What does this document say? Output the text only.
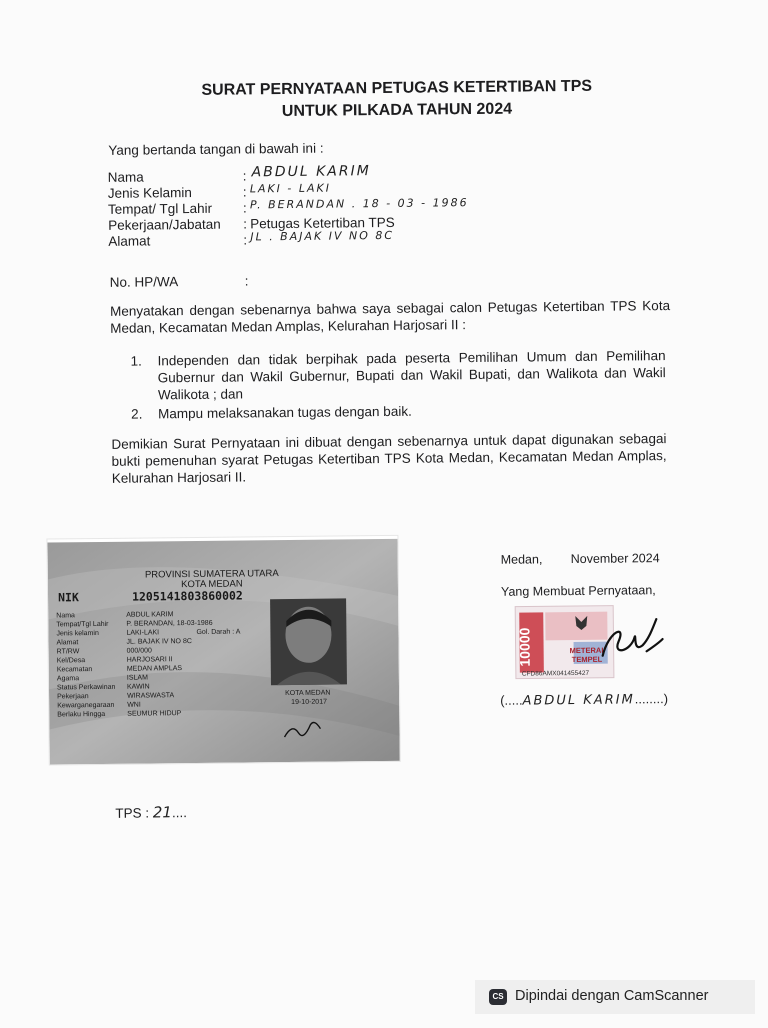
SURAT PERNYATAAN PETUGAS KETERTIBAN TPS
UNTUK PILKADA TAHUN 2024
Yang bertanda tangan di bawah ini :
Nama	: ABDUL KARIM
Jenis Kelamin	: LAKI - LAKI
Tempat/ Tgl Lahir : P. BERANDAN . 18 - 03 - 1986
Pekerjaan/Jabatan : Petugas Ketertiban TPS
Alamat	: JL . BAJAK IV NO 8C
No. HP/WA	:
Menyatakan dengan sebenarnya bahwa saya sebagai calon Petugas Ketertiban TPS Kota Medan, Kecamatan Medan Amplas, Kelurahan Harjosari II :
1. Independen dan tidak berpihak pada peserta Pemilihan Umum dan Pemilihan Gubernur dan Wakil Gubernur, Bupati dan Wakil Bupati, dan Walikota dan Wakil Walikota ; dan
2. Mampu melaksanakan tugas dengan baik.
Demikian Surat Pernyataan ini dibuat dengan sebenarnya untuk dapat digunakan sebagai bukti pemenuhan syarat Petugas Ketertiban TPS Kota Medan, Kecamatan Medan Amplas, Kelurahan Harjosari II.
PROVINSI SUMATERA UTARA
KOTA MEDAN
NIK	1205141803860002
Nama	ABDUL KARIM
Tempat/Tgl Lahir	P. BERANDAN, 18-03-1986
Jenis kelamin	LAKI-LAKI	Gol. Darah : A
Alamat	JL. BAJAK IV NO 8C
RT/RW	000/000
Kel/Desa	HARJOSARI II
Kecamatan	MEDAN AMPLAS
Agama	ISLAM
Status Perkawinan KAWIN
Pekerjaan	WIRASWASTA
Kewarganegaraan WNI
Berlaku Hingga	SEUMUR HIDUP
KOTA MEDAN
19-10-2017
Medan, November 2024
Yang Membuat Pernyataan,
10000	METERAI
TEMPEL
CFD86AMX041455427
(.....ABDUL KARIM........)
TPS : 21....
CS Dipindai dengan CamScanner
